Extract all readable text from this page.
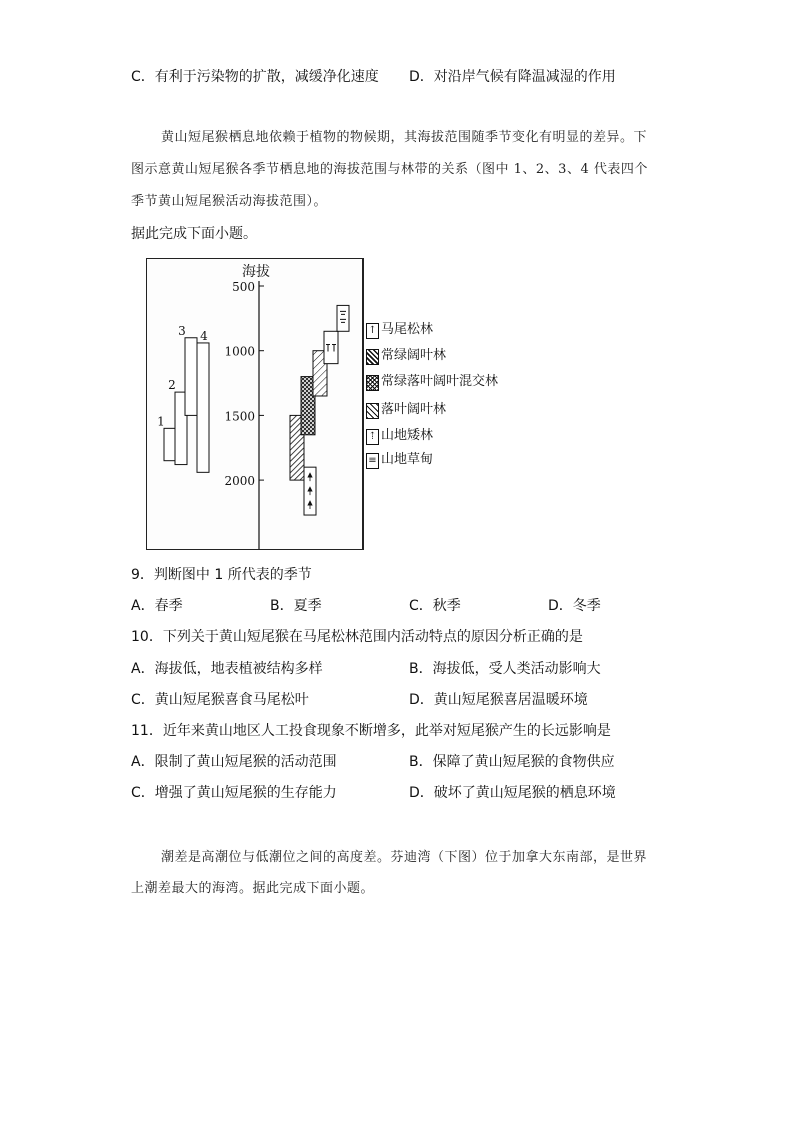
C．有利于污染物的扩散，减缓净化速度 D．对沿岸气候有降温减湿的作用
黄山短尾猴栖息地依赖于植物的物候期，其海拔范围随季节变化有明显的差异。下
图示意黄山短尾猴各季节栖息地的海拔范围与林带的关系（图中 1、2、3、4 代表四个
季节黄山短尾猴活动海拔范围）。
据此完成下面小题。
海拔
2000
1500
1000
500
1
2
3 4	↑ 马尾松林
常绿阔叶林
常绿落叶阔叶混交林
落叶阔叶林
⇡ 山地矮林
≡ 山地草甸
9．判断图中 1 所代表的季节
A．春季	B．夏季	C．秋季	D．冬季
10．下列关于黄山短尾猴在马尾松林范围内活动特点的原因分析正确的是
A．海拔低，地表植被结构多样	B．海拔低，受人类活动影响大
C．黄山短尾猴喜食马尾松叶	D．黄山短尾猴喜居温暖环境
11．近年来黄山地区人工投食现象不断增多，此举对短尾猴产生的长远影响是
A．限制了黄山短尾猴的活动范围	B．保障了黄山短尾猴的食物供应
C．增强了黄山短尾猴的生存能力	D．破坏了黄山短尾猴的栖息环境
潮差是高潮位与低潮位之间的高度差。芬迪湾（下图）位于加拿大东南部，是世界
上潮差最大的海湾。据此完成下面小题。
